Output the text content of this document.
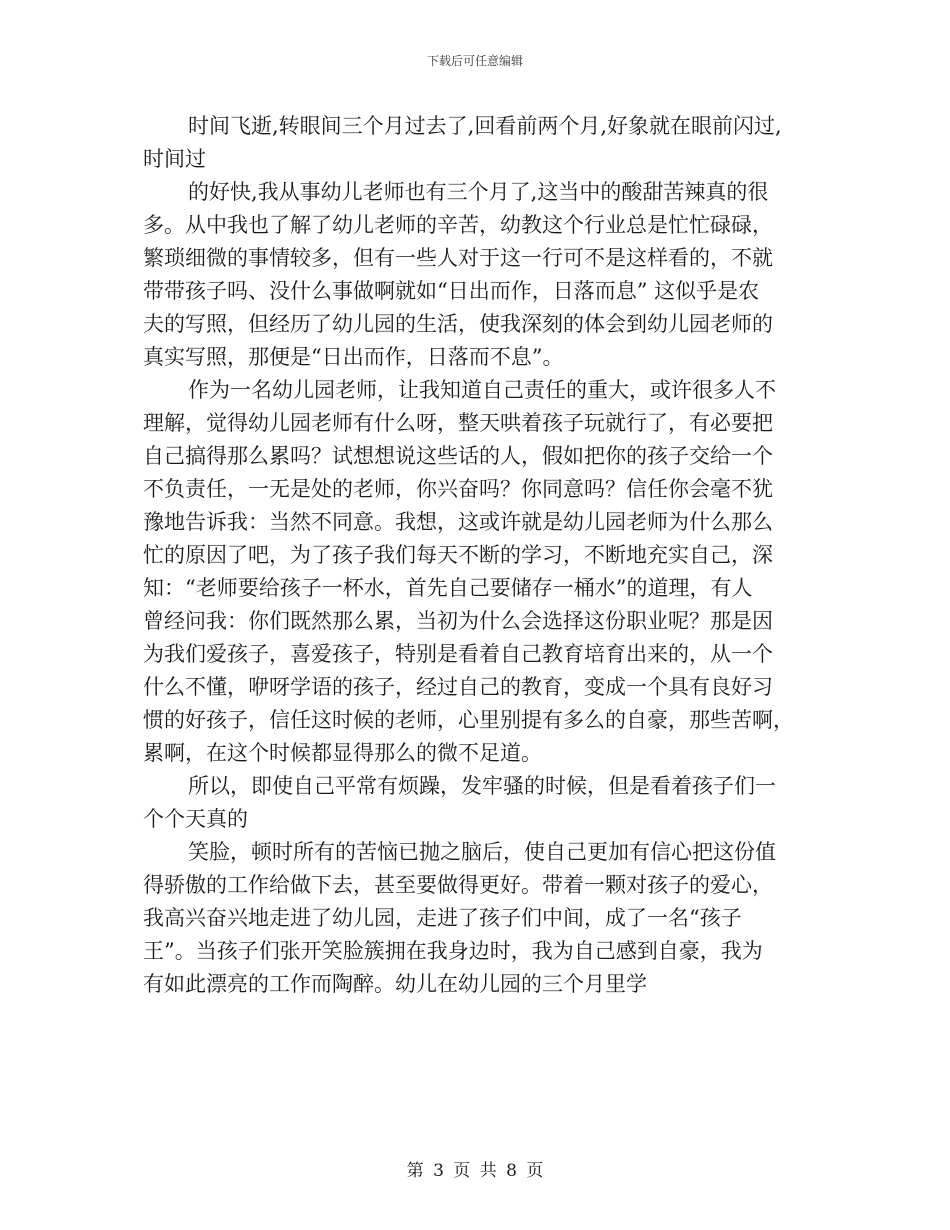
下载后可任意编辑
时间飞逝,转眼间三个月过去了,回看前两个月,好象就在眼前闪过,
时间过
的好快,我从事幼儿老师也有三个月了,这当中的酸甜苦辣真的很
多。从中我也了解了幼儿老师的辛苦，幼教这个行业总是忙忙碌碌，
繁琐细微的事情较多，但有一些人对于这一行可不是这样看的，不就
带带孩子吗、没什么事做啊就如“日出而作，日落而息” 这似乎是农
夫的写照，但经历了幼儿园的生活，使我深刻的体会到幼儿园老师的
真实写照，那便是“日出而作，日落而不息”。
作为一名幼儿园老师，让我知道自己责任的重大，或许很多人不
理解，觉得幼儿园老师有什么呀，整天哄着孩子玩就行了，有必要把
自己搞得那么累吗？试想想说这些话的人，假如把你的孩子交给一个
不负责任，一无是处的老师，你兴奋吗？你同意吗？信任你会毫不犹
豫地告诉我：当然不同意。我想，这或许就是幼儿园老师为什么那么
忙的原因了吧，为了孩子我们每天不断的学习，不断地充实自己，深
知：“老师要给孩子一杯水，首先自己要储存一桶水”的道理，有人
曾经问我：你们既然那么累，当初为什么会选择这份职业呢？那是因
为我们爱孩子，喜爱孩子，特别是看着自己教育培育出来的，从一个
什么不懂，咿呀学语的孩子，经过自己的教育，变成一个具有良好习
惯的好孩子，信任这时候的老师，心里别提有多么的自豪，那些苦啊，
累啊，在这个时候都显得那么的微不足道。
所以，即使自己平常有烦躁，发牢骚的时候，但是看着孩子们一
个个天真的
笑脸，顿时所有的苦恼已抛之脑后，使自己更加有信心把这份值
得骄傲的工作给做下去，甚至要做得更好。带着一颗对孩子的爱心，
我高兴奋兴地走进了幼儿园，走进了孩子们中间，成了一名“孩子
王”。当孩子们张开笑脸簇拥在我身边时，我为自己感到自豪，我为
有如此漂亮的工作而陶醉。幼儿在幼儿园的三个月里学
第 3 页 共 8 页
